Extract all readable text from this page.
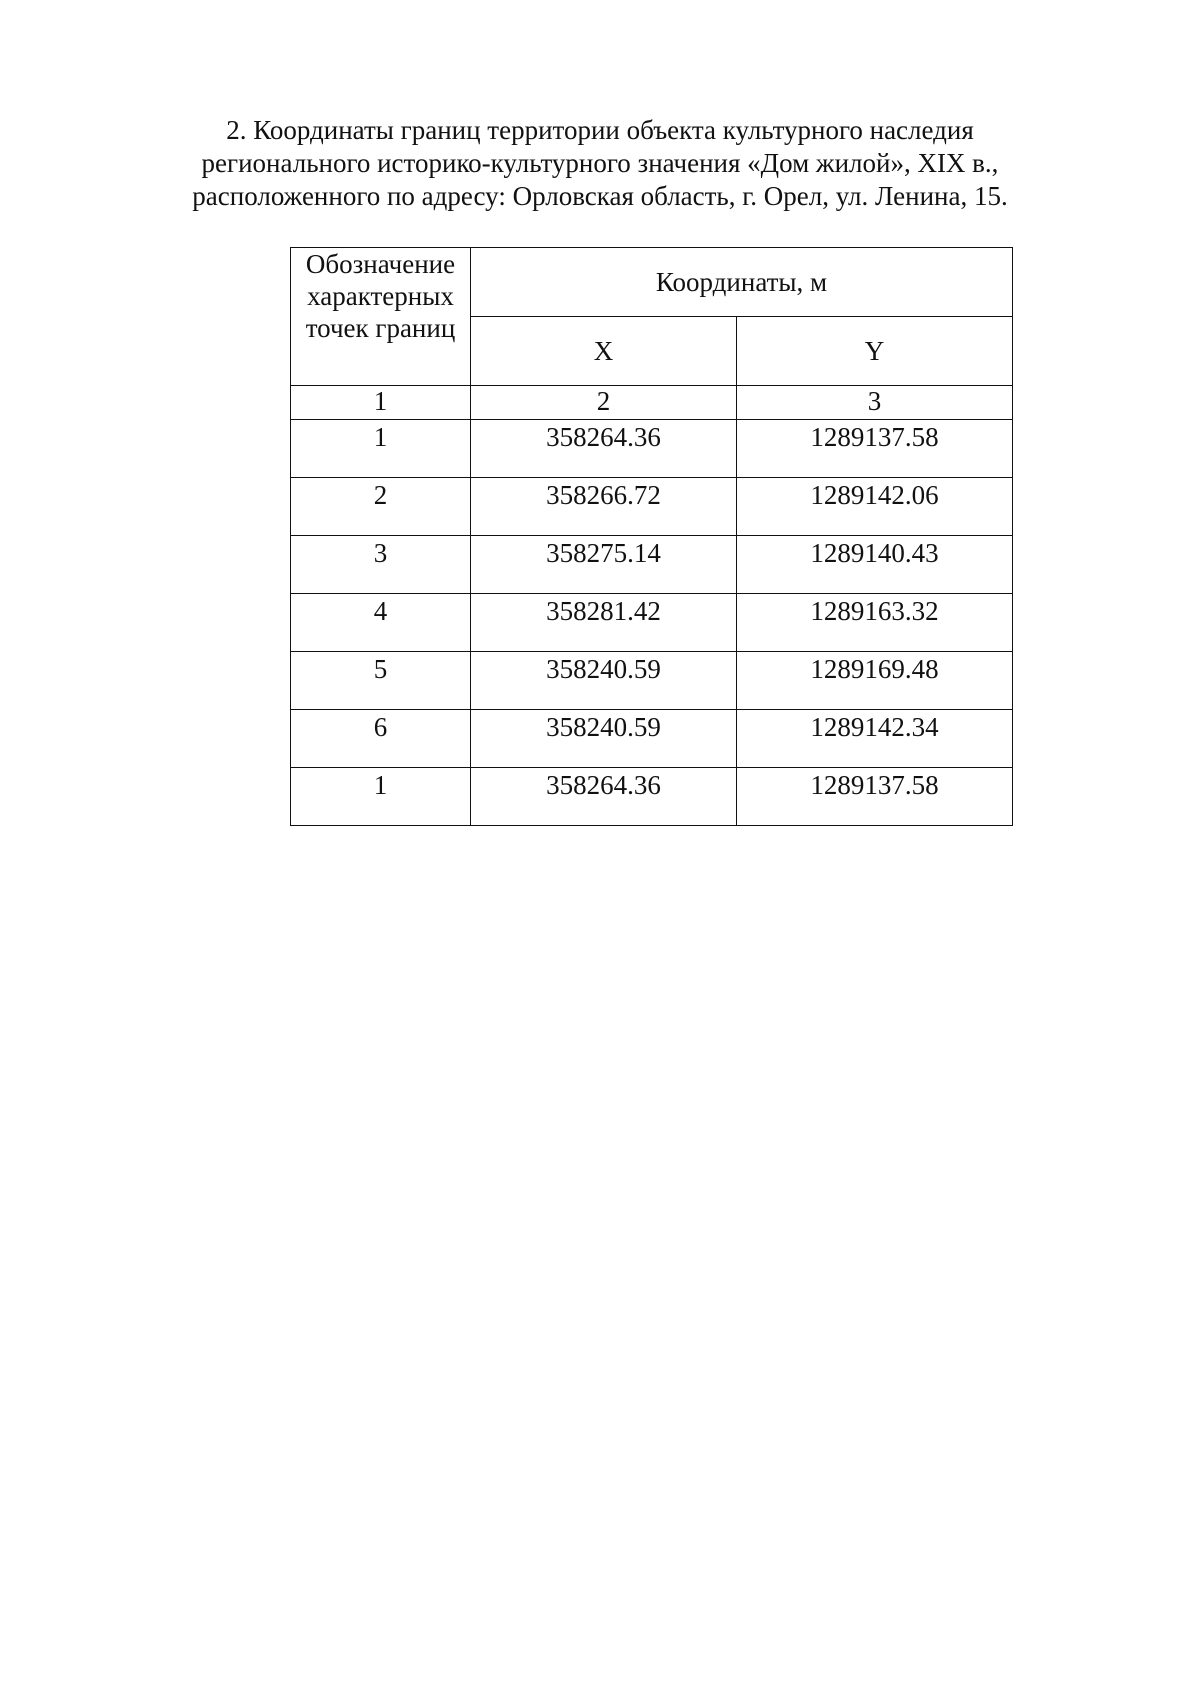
2. Координаты границ территории объекта культурного наследия
регионального историко-культурного значения «Дом жилой», XIX в.,
расположенного по адресу: Орловская область, г. Орел, ул. Ленина, 15.
Обозначение характерных точек границ	Координаты, м	
	X	Y
1	2	3
1	358264.36	1289137.58
2	358266.72	1289142.06
3	358275.14	1289140.43
4	358281.42	1289163.32
5	358240.59	1289169.48
6	358240.59	1289142.34
1	358264.36	1289137.58
